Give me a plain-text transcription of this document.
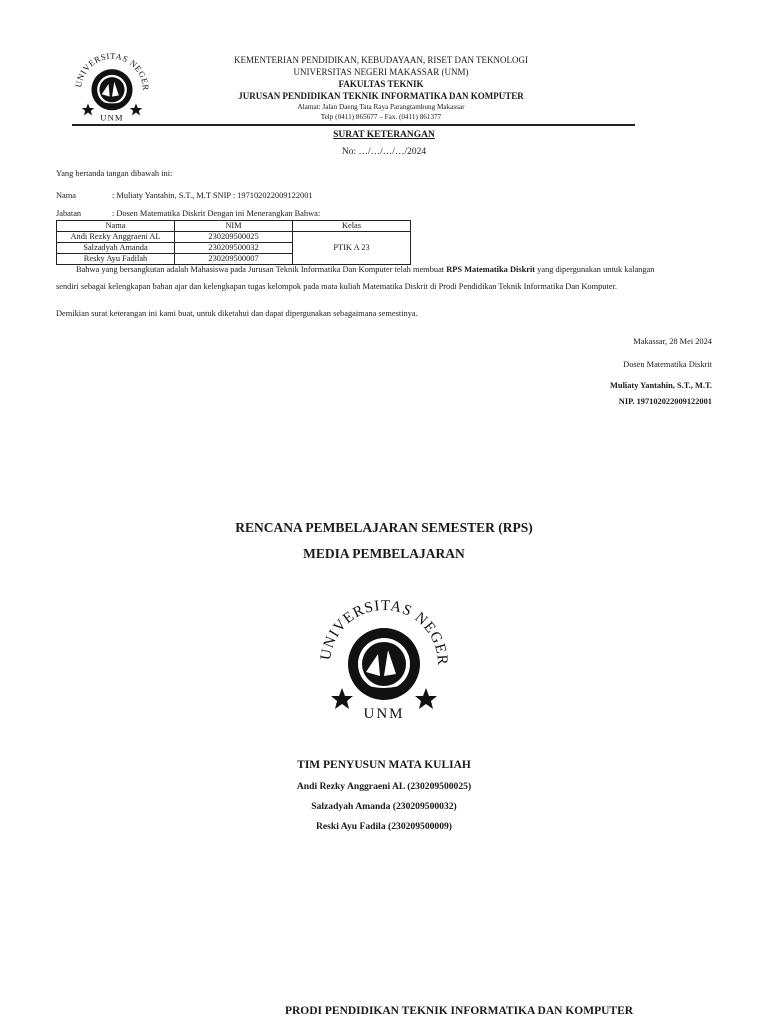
UNIVERSITAS NEGER
UNM
KEMENTERIAN PENDIDIKAN, KEBUDAYAAN, RISET DAN TEKNOLOGI
UNIVERSITAS NEGERI MAKASSAR (UNM)
FAKULTAS TEKNIK
JURUSAN PENDIDIKAN TEKNIK INFORMATIKA DAN KOMPUTER
Alamat: Jalan Daeng Tata Raya Parangtambung Makassar
Telp (0411) 865677 – Fax. (0411) 861377
SURAT KETERANGAN
No: …/…/…/…/2024
Yang bertanda tangan dibawah ini:
Nama	: Muliaty Yantahin, S.T., M.T SNIP : 197102022009122001
Jabatan	: Dosen Matematika Diskrit Dengan ini Menerangkan Bahwa:
Nama	NIM	Kelas
Andi Rezky Anggraeni AL	230209500025	PTIK A 23
Salzadyah Amanda	230209500032	
Resky Ayu Fadilah	230209500007	
Bahwa yang bersangkutan adalah Mahasiswa pada Jurusan Teknik Informatika Dan Komputer telah membuat RPS Matematika Diskrit yang dipergunakan untuk kalangan
sendiri sebagai kelengkapan bahan ajar dan kelengkapan tugas kelompok pada mata kuliah Matematika Diskrit di Prodi Pendidikan Teknik Informatika Dan Komputer.
Demikian surat keterangan ini kami buat, untuk diketahui dan dapat dipergunakan sebagaimana semestinya.
Makassar, 28 Mei 2024
Dosen Matematika Diskrit
Muliaty Yantahin, S.T., M.T.
NIP. 197102022009122001
RENCANA PEMBELAJARAN SEMESTER (RPS)
MEDIA PEMBELAJARAN
UNIVERSITAS NEGER
UNM
TIM PENYUSUN MATA KULIAH
Andi Rezky Anggraeni AL (230209500025)
Salzadyah Amanda (230209500032)
Reski Ayu Fadila (230209500009)
PRODI PENDIDIKAN TEKNIK INFORMATIKA DAN KOMPUTER
